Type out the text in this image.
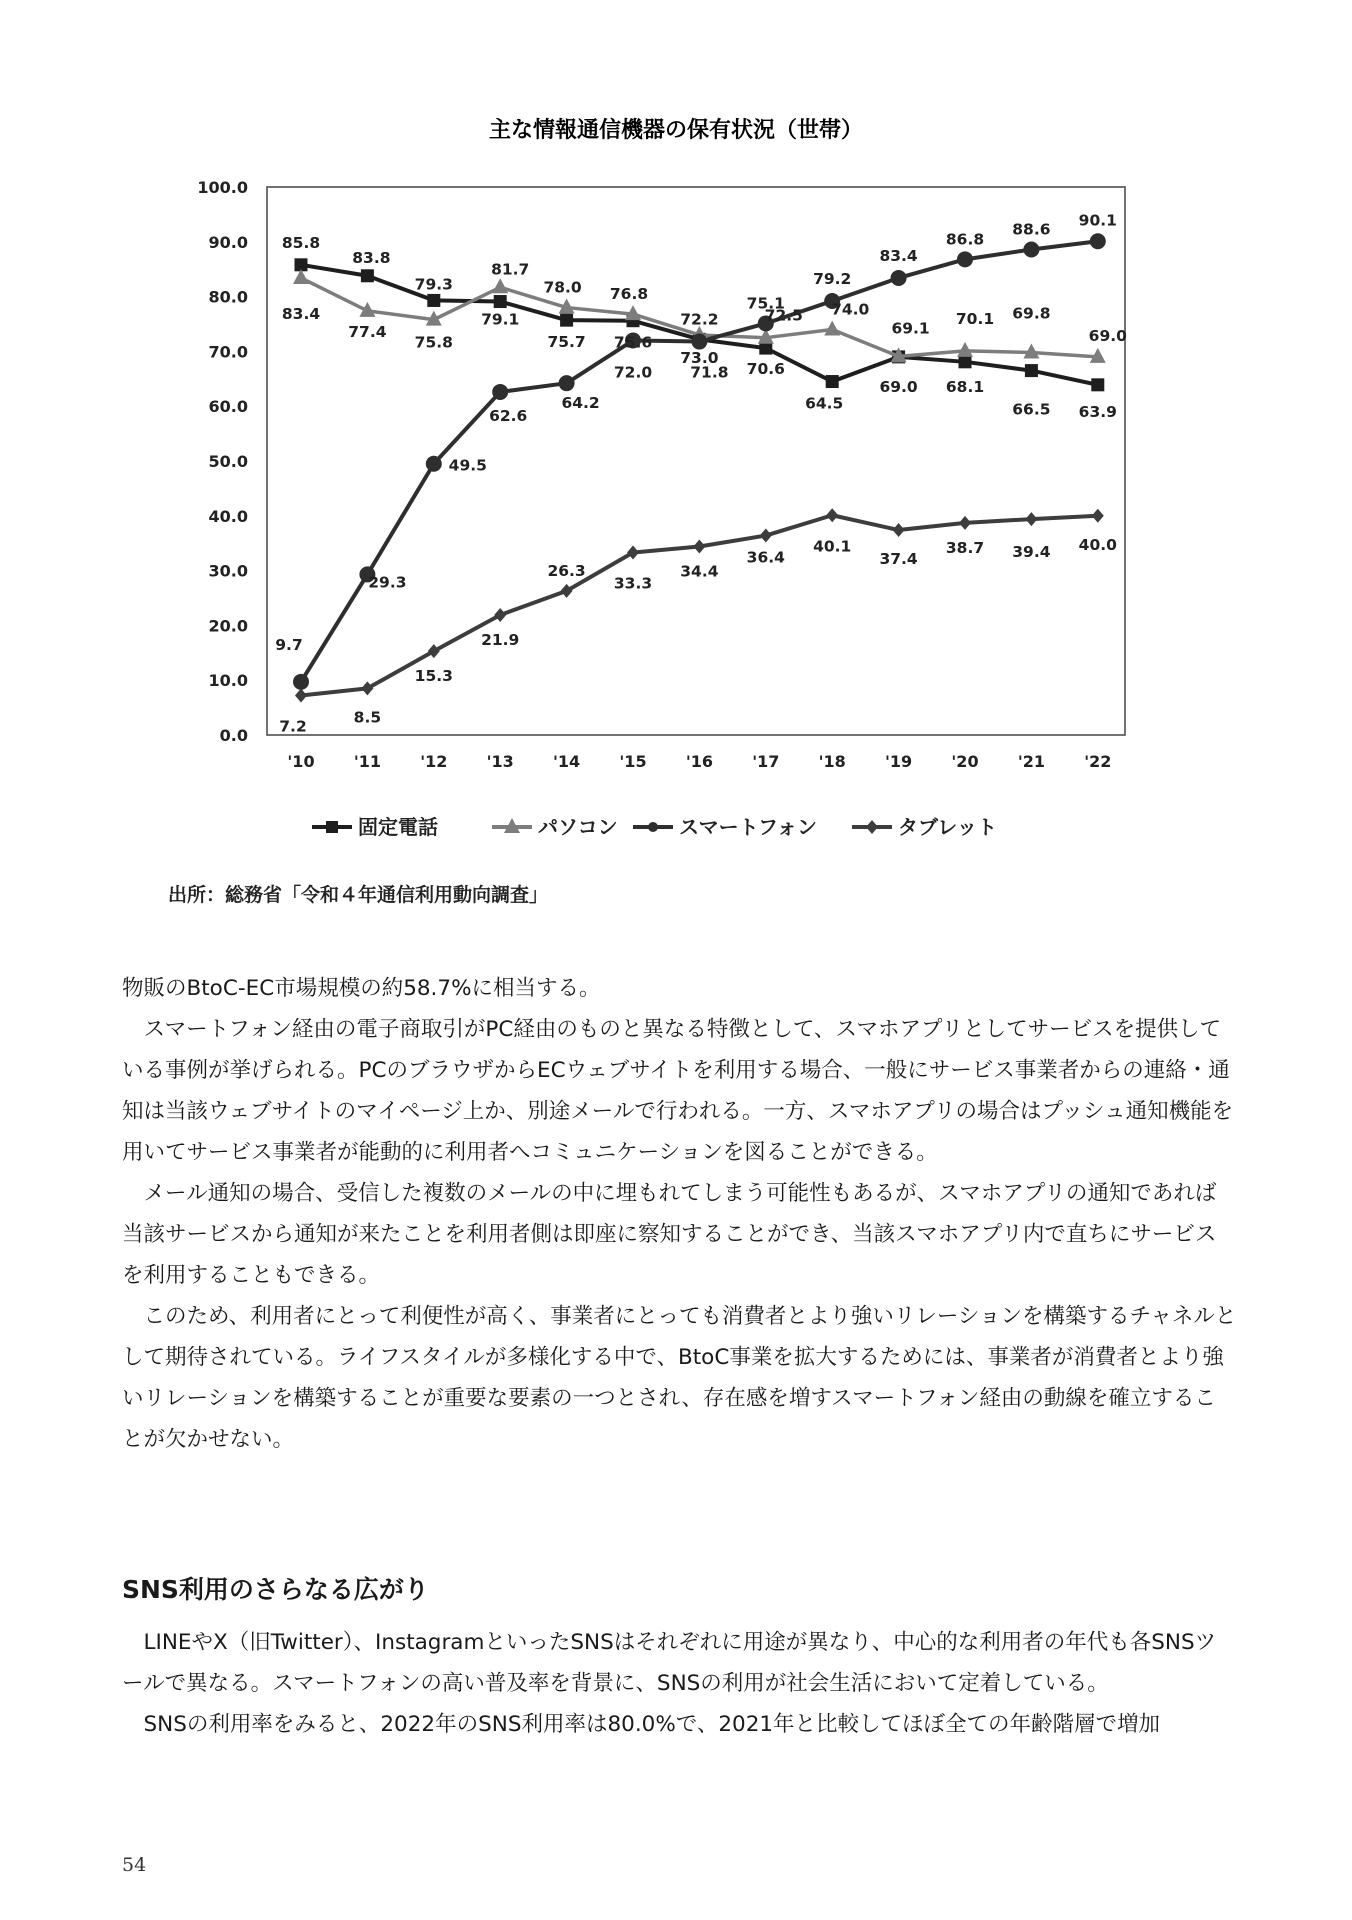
主な情報通信機器の保有状況（世帯）
0.0
10.0
20.0
30.0
40.0
50.0
60.0
70.0
80.0
90.0
100.0
'10 '11 '12 '13 '14 '15 '16 '17 '18 '19 '20 '21 '22
85.8
83.8
79.3
79.1
75.7 75.6
72.2
70.6
64.5
69.0 68.1
66.5 63.9
83.4
77.4
75.8
81.7
78.0 76.8
73.0
72.5 74.0
69.1
70.1 69.8
69.0
9.7
29.3
49.5
62.6
64.2
72.0 71.8
75.1
79.2
83.4
86.8
88.6
90.1
7.2
8.5
15.3
21.9
26.3
33.3
34.4
36.4
40.1
37.4
38.7 39.4 40.0
固定電話	パソコン	スマートフォン	タブレット
出所：総務省「令和４年通信利用動向調査」

物販のBtoC-EC市場規模の約58.7%に相当する。

スマートフォン経由の電子商取引がPC経由のものと異なる特徴として、スマホアプリとしてサービスを提供している事例が挙げられる。PCのブラウザからECウェブサイトを利用する場合、一般にサービス事業者からの連絡・通知は当該ウェブサイトのマイページ上か、別途メールで行われる。一方、スマホアプリの場合はプッシュ通知機能を用いてサービス事業者が能動的に利用者へコミュニケーションを図ることができる。

メール通知の場合、受信した複数のメールの中に埋もれてしまう可能性もあるが、スマホアプリの通知であれば当該サービスから通知が来たことを利用者側は即座に察知することができ、当該スマホアプリ内で直ちにサービスを利用することもできる。

このため、利用者にとって利便性が高く、事業者にとっても消費者とより強いリレーションを構築するチャネルとして期待されている。ライフスタイルが多様化する中で、BtoC事業を拡大するためには、事業者が消費者とより強いリレーションを構築することが重要な要素の一つとされ、存在感を増すスマートフォン経由の動線を確立することが欠かせない。

SNS利用のさらなる広がり

LINEやX（旧Twitter）、InstagramといったSNSはそれぞれに用途が異なり、中心的な利用者の年代も各SNSツールで異なる。スマートフォンの高い普及率を背景に、SNSの利用が社会生活において定着している。

SNSの利用率をみると、2022年のSNS利用率は80.0%で、2021年と比較してほぼ全ての年齢階層で増加

54
